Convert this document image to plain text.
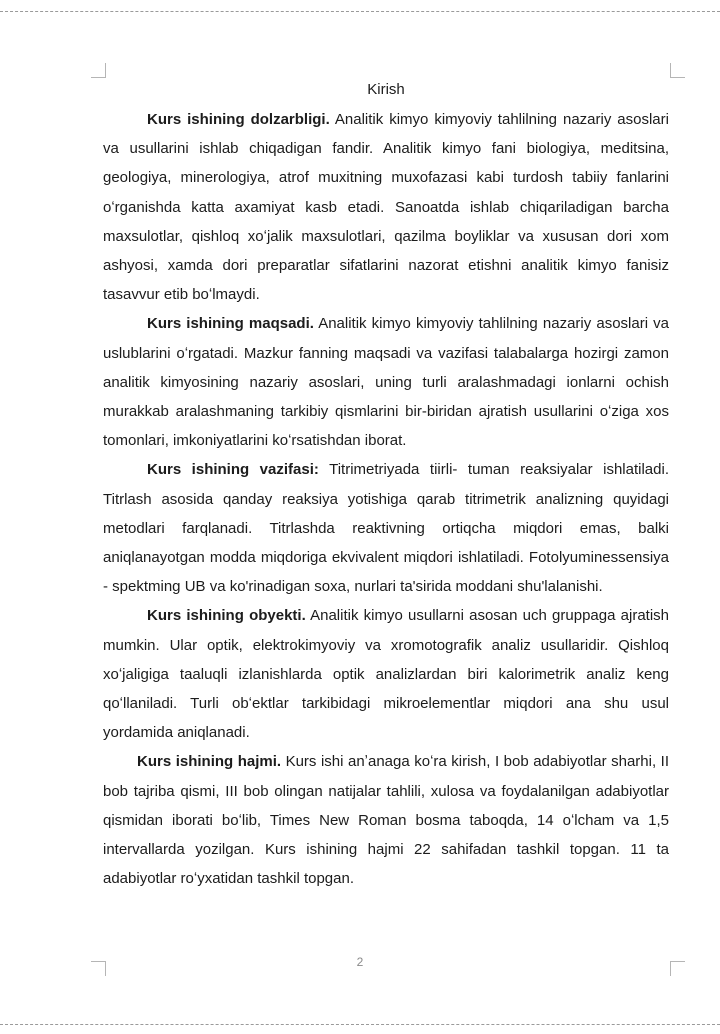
Kirish

Kurs ishining dolzarbligi. Analitik kimyo kimyoviy tahlilning nazariy asoslari va usullarini ishlab chiqadigan fandir. Analitik kimyo fani biologiya, meditsina, geologiya, minerologiya, atrof muxitning muxofazasi kabi turdosh tabiiy fanlarini oʻrganishda katta axamiyat kasb etadi. Sanoatda ishlab chiqariladigan barcha maxsulotlar, qishloq xoʻjalik maxsulotlari, qazilma boyliklar va xususan dori xom ashyosi, xamda dori preparatlar sifatlarini nazorat etishni analitik kimyo fanisiz tasavvur etib boʻlmaydi.

Kurs ishining maqsadi. Analitik kimyo kimyoviy tahlilning nazariy asoslari va uslublarini oʻrgatadi. Mazkur fanning maqsadi va vazifasi talabalarga hozirgi zamon analitik kimyosining nazariy asoslari, uning turli aralashmadagi ionlarni ochish murakkab aralashmaning tarkibiy qismlarini bir-biridan ajratish usullarini oʻziga xos tomonlari, imkoniyatlarini koʻrsatishdan iborat.

Kurs ishining vazifasi: Titrimetriyada tiirli- tuman reaksiyalar ishlatiladi. Titrlash asosida qanday reaksiya yotishiga qarab titrimetrik analizning quyidagi metodlari farqlanadi. Titrlashda reaktivning ortiqcha miqdori emas, balki aniqlanayotgan modda miqdoriga ekvivalent miqdori ishlatiladi. Fotolyuminessensiya - spektming UB va ko'rinadigan soxa, nurlari ta'sirida moddani shu'lalanishi.

Kurs ishining obyekti. Analitik kimyo usullarni asosan uch gruppaga ajratish mumkin. Ular optik, elektrokimyoviy va xromotografik analiz usullaridir. Qishloq xoʻjaligiga taaluqli izlanishlarda optik analizlardan biri kalorimetrik analiz keng qoʻllaniladi. Turli obʻektlar tarkibidagi mikroelementlar miqdori ana shu usul yordamida aniqlanadi.

Kurs ishining hajmi. Kurs ishi anʼanaga koʻra kirish, I bob adabiyotlar sharhi, II bob tajriba qismi, III bob olingan natijalar tahlili, xulosa va foydalanilgan adabiyotlar qismidan iborati boʻlib, Times New Roman bosma taboqda, 14 oʻlcham va 1,5 intervallarda yozilgan. Kurs ishining hajmi 22 sahifadan tashkil topgan. 11 ta adabiyotlar roʻyxatidan tashkil topgan.

2
